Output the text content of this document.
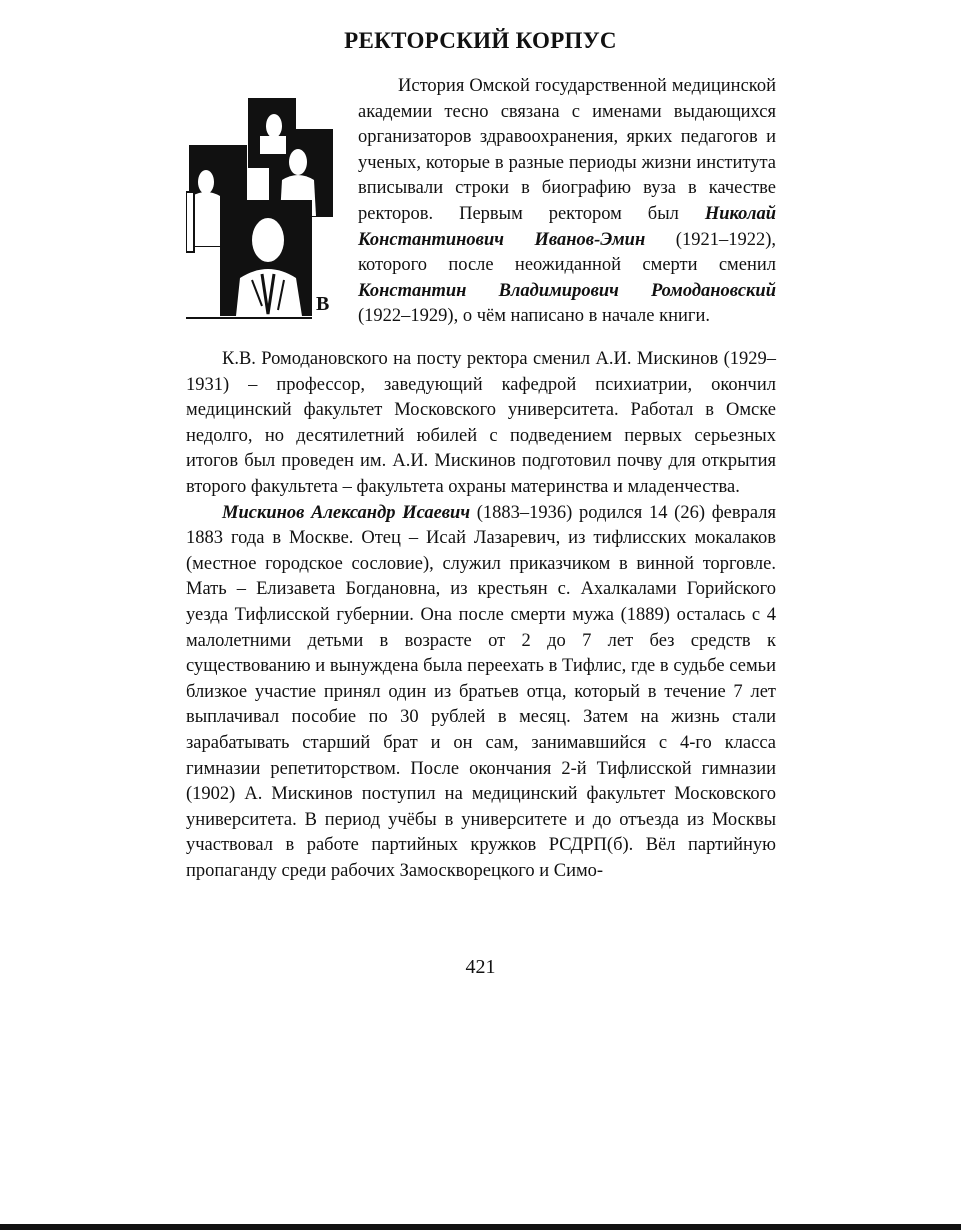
РЕКТОРСКИЙ КОРПУС
В

История Омской государственной медицинской академии тесно связана с именами выдающихся организаторов здравоохранения, ярких педагогов и ученых, которые в разные периоды жизни института вписывали строки в биографию вуза в качестве ректоров. Первым ректором был Николай Константинович Иванов-Эмин (1921–1922), которого после неожиданной смерти сменил Константин Владимирович Ромодановский (1922–1929), о чём написано в начале книги.

К.В. Ромодановского на посту ректора сменил А.И. Мискинов (1929–1931) – профессор, заведующий кафедрой психиатрии, окончил медицинский факультет Московского университета. Работал в Омске недолго, но десятилетний юбилей с подведением первых серьезных итогов был проведен им. А.И. Мискинов подготовил почву для открытия второго факультета – факультета охраны материнства и младенчества.

Мискинов Александр Исаевич (1883–1936) родился 14 (26) февраля 1883 года в Москве. Отец – Исай Лазаревич, из тифлисских мокалаков (местное городское сословие), служил приказчиком в винной торговле. Мать – Елизавета Богдановна, из крестьян с. Ахалкалами Горийского уезда Тифлисской губернии. Она после смерти мужа (1889) осталась с 4 малолетними детьми в возрасте от 2 до 7 лет без средств к существованию и вынуждена была переехать в Тифлис, где в судьбе семьи близкое участие принял один из братьев отца, который в течение 7 лет выплачивал пособие по 30 рублей в месяц. Затем на жизнь стали зарабатывать старший брат и он сам, занимавшийся с 4-го класса гимназии репетиторством. После окончания 2-й Тифлисской гимназии (1902) А. Мискинов поступил на медицинский факультет Московского университета. В период учёбы в университете и до отъезда из Москвы участвовал в работе партийных кружков РСДРП(б). Вёл партийную пропаганду среди рабочих Замоскворецкого и Симо-

421
